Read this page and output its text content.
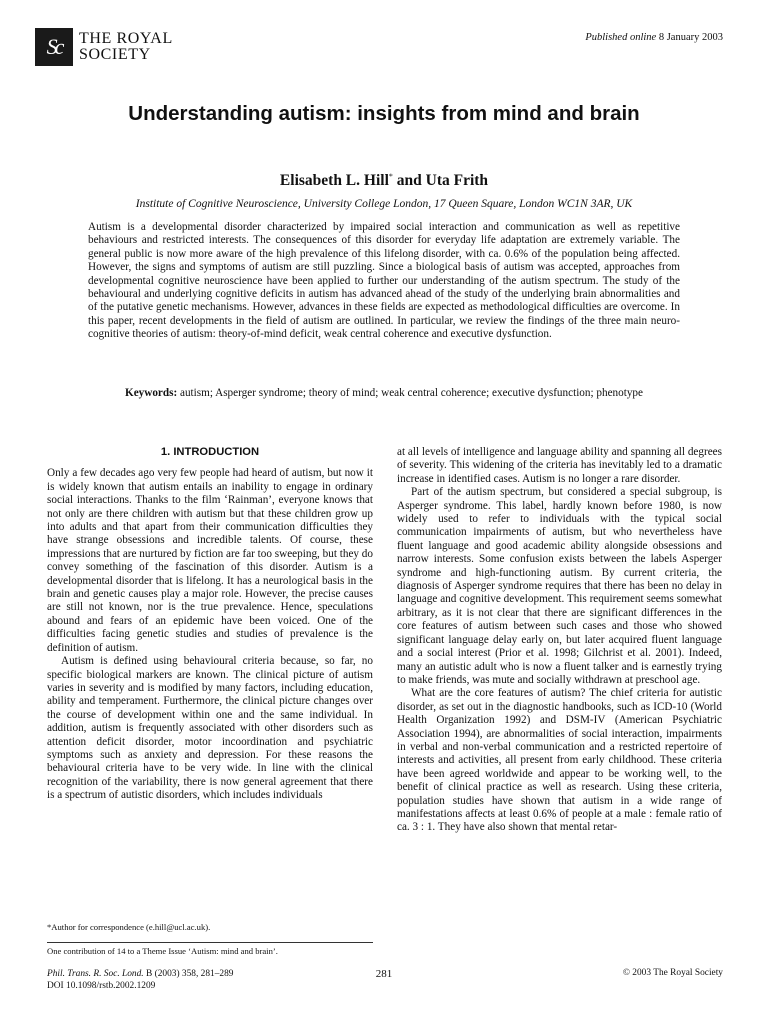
Sc	THE ROYAL
SOCIETY
Published online 8 January 2003
Understanding autism: insights from mind and brain
Elisabeth L. Hill* and Uta Frith
Institute of Cognitive Neuroscience, University College London, 17 Queen Square, London WC1N 3AR, UK

Autism is a developmental disorder characterized by impaired social interaction and communication as well as repetitive behaviours and restricted interests. The consequences of this disorder for everyday life adaptation are extremely variable. The general public is now more aware of the high prevalence of this lifelong disorder, with ca. 0.6% of the population being affected. However, the signs and symptoms of autism are still puzzling. Since a biological basis of autism was accepted, approaches from developmental cognitive neuroscience have been applied to further our understanding of the autism spectrum. The study of the behavioural and underlying cognitive deficits in autism has advanced ahead of the study of the underlying brain abnormalities and of the putative genetic mechanisms. However, advances in these fields are expected as methodological difficulties are overcome. In this paper, recent developments in the field of autism are outlined. In particular, we review the findings of the three main neuro-cognitive theories of autism: theory-of-mind deficit, weak central coherence and executive dysfunction.

Keywords: autism; Asperger syndrome; theory of mind; weak central coherence; executive dysfunction; phenotype

1. INTRODUCTION

Only a few decades ago very few people had heard of autism, but now it is widely known that autism entails an inability to engage in ordinary social interactions. Thanks to the film ‘Rainman’, everyone knows that not only are there children with autism but that these children grow up into adults and that apart from their communication difficulties they have strange obsessions and incredible talents. Of course, these impressions that are nurtured by fiction are far too sweeping, but they do convey something of the fascination of this disorder. Autism is a developmental disorder that is lifelong. It has a neurological basis in the brain and genetic causes play a major role. However, the precise causes are still not known, nor is the true prevalence. Hence, speculations abound and fears of an epidemic have been voiced. One of the difficulties facing genetic studies and studies of prevalence is the definition of autism.

Autism is defined using behavioural criteria because, so far, no specific biological markers are known. The clinical picture of autism varies in severity and is modified by many factors, including education, ability and temperament. Furthermore, the clinical picture changes over the course of development within one and the same individual. In addition, autism is frequently associated with other disorders such as attention deficit disorder, motor incoordination and psychiatric symptoms such as anxiety and depression. For these reasons the behavioural criteria have to be very wide. In line with the clinical recognition of the variability, there is now general agreement that there is a spectrum of autistic disorders, which includes individuals

at all levels of intelligence and language ability and spanning all degrees of severity. This widening of the criteria has inevitably led to a dramatic increase in identified cases. Autism is no longer a rare disorder.

Part of the autism spectrum, but considered a special subgroup, is Asperger syndrome. This label, hardly known before 1980, is now widely used to refer to individuals with the typical social communication impairments of autism, but who nevertheless have fluent language and good academic ability alongside obsessions and narrow interests. Some confusion exists between the labels Asperger syndrome and high-functioning autism. By current criteria, the diagnosis of Asperger syndrome requires that there has been no delay in language and cognitive development. This requirement seems somewhat arbitrary, as it is not clear that there are significant differences in the core features of autism between such cases and those who showed significant language delay early on, but later acquired fluent language and a social interest (Prior et al. 1998; Gilchrist et al. 2001). Indeed, many an autistic adult who is now a fluent talker and is earnestly trying to make friends, was mute and socially withdrawn at preschool age.

What are the core features of autism? The chief criteria for autistic disorder, as set out in the diagnostic handbooks, such as ICD-10 (World Health Organization 1992) and DSM-IV (American Psychiatric Association 1994), are abnormalities of social interaction, impairments in verbal and non-verbal communication and a restricted repertoire of interests and activities, all present from early childhood. These criteria have been agreed worldwide and appear to be working well, to the benefit of clinical practice as well as research. Using these criteria, population studies have shown that autism in a wide range of manifestations affects at least 0.6% of people at a male : female ratio of ca. 3 : 1. They have also shown that mental retar-

*Author for correspondence (e.hill@ucl.ac.uk).
One contribution of 14 to a Theme Issue ‘Autism: mind and brain’.
Phil. Trans. R. Soc. Lond. B (2003) 358, 281–289
DOI 10.1098/rstb.2002.1209
281	© 2003 The Royal Society
